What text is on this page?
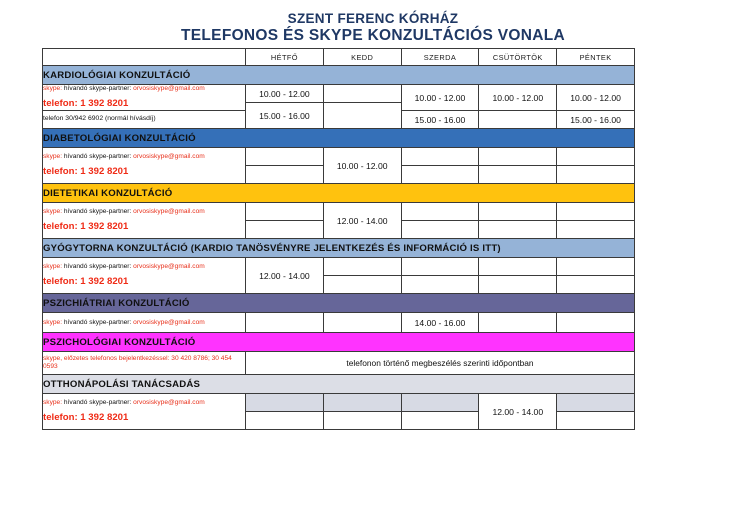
SZENT FERENC KÓRHÁZ
TELEFONOS ÉS SKYPE KONZULTÁCIÓS VONALA
	HÉTFŐ	KEDD	SZERDA	CSÜTÖRTÖK	PÉNTEK
KARDIOLÓGIAI KONZULTÁCIÓ					

skype: hívandó skype-partner: orvosiskype@gmail.com
telefon: 1 392 8201	10.00 - 12.00		10.00 - 12.00	10.00 - 12.00	10.00 - 12.00
	15.00 - 16.00				

telefon 30/942 6902 (normál hívásdíj)			15.00 - 16.00		15.00 - 16.00
DIABETOLÓGIAI KONZULTÁCIÓ					

skype: hívandó skype-partner: orvosiskype@gmail.com
telefon: 1 392 8201		10.00 - 12.00			

DIETETIKAI KONZULTÁCIÓ					

skype: hívandó skype-partner: orvosiskype@gmail.com
telefon: 1 392 8201		12.00 - 14.00			

GYÓGYTORNA KONZULTÁCIÓ (KARDIO TANÖSVÉNYRE JELENTKEZÉS ÉS INFORMÁCIÓ IS ITT)					

skype: hívandó skype-partner: orvosiskype@gmail.com
telefon: 1 392 8201	12.00 - 14.00				

PSZICHIÁTRIAI KONZULTÁCIÓ					

skype: hívandó skype-partner: orvosiskype@gmail.com			14.00 - 16.00		
PSZICHOLÓGIAI KONZULTÁCIÓ					

skype, előzetes telefonos bejelentkezéssel: 30 420 8786; 30 454 0593	telefonon történő megbeszélés szerinti időpontban				
OTTHONÁPOLÁSI TANÁCSADÁS					

skype: hívandó skype-partner: orvosiskype@gmail.com
telefon: 1 392 8201				12.00 - 14.00	
